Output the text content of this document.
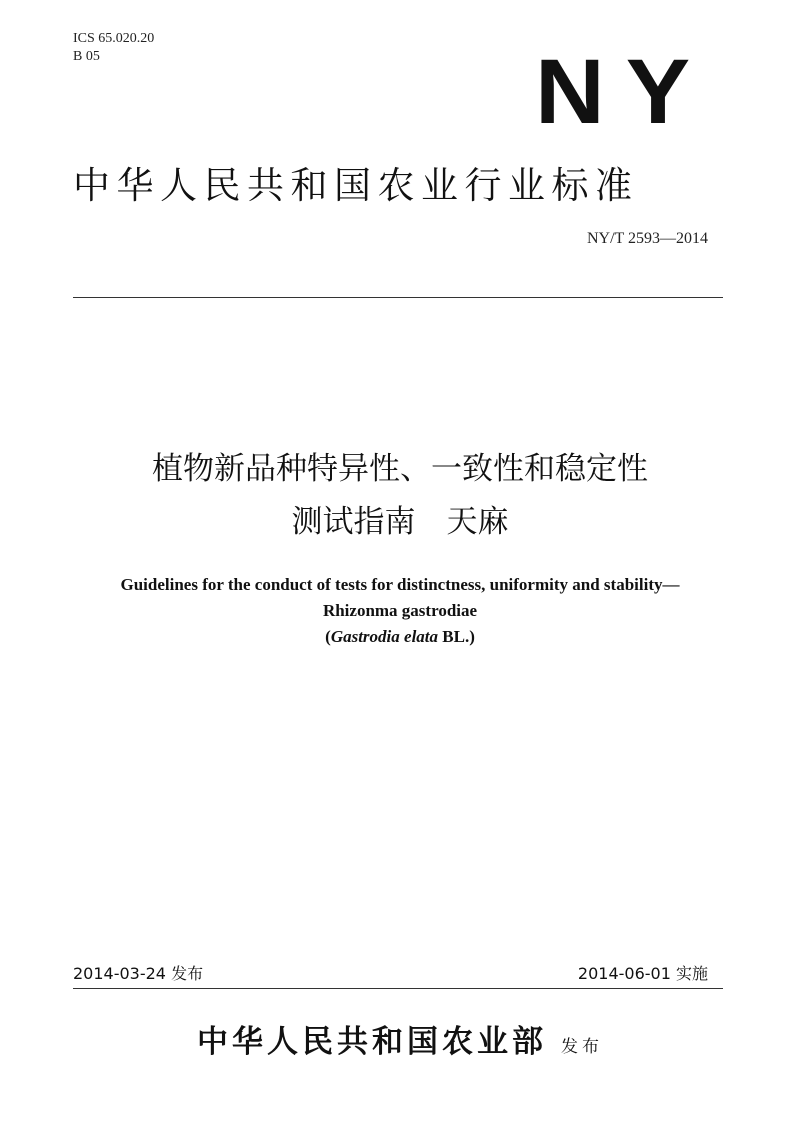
ICS 65.020.20
B 05	NY
中华人民共和国农业行业标准
NY/T 2593—2014
植物新品种特异性、一致性和稳定性
测试指南　天麻
Guidelines for the conduct of tests for distinctness, uniformity and stability—
Rhizonma gastrodiae
(Gastrodia elata BL.)
2014-03-24 发布	2014-06-01 实施
中华人民共和国农业部 发布
